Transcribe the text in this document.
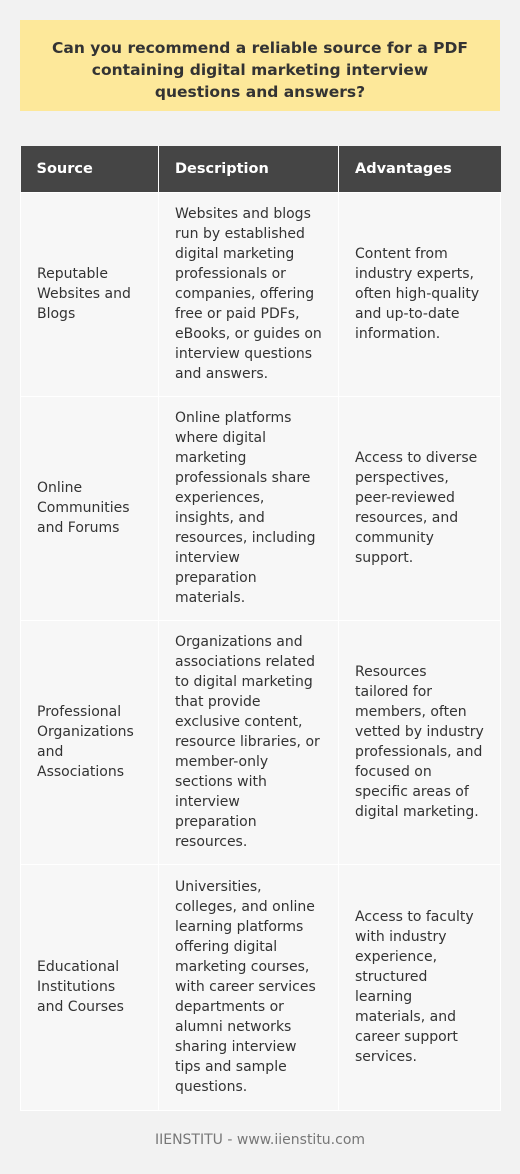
Can you recommend a reliable source for a PDF containing digital marketing interview questions and answers?
Source	Description	Advantages
Reputable Websites and Blogs	Websites and blogs run by established digital marketing professionals or companies, offering free or paid PDFs, eBooks, or guides on interview questions and answers.	Content from industry experts, often high-quality and up-to-date information.
Online Communities and Forums	Online platforms where digital marketing professionals share experiences, insights, and resources, including interview preparation materials.	Access to diverse perspectives, peer-reviewed resources, and community support.
Professional Organizations and Associations	Organizations and associations related to digital marketing that provide exclusive content, resource libraries, or member-only sections with interview preparation resources.	Resources tailored for members, often vetted by industry professionals, and focused on specific areas of digital marketing.
Educational Institutions and Courses	Universities, colleges, and online learning platforms offering digital marketing courses, with career services departments or alumni networks sharing interview tips and sample questions.	Access to faculty with industry experience, structured learning materials, and career support services.
IIENSTITU - www.iienstitu.com
